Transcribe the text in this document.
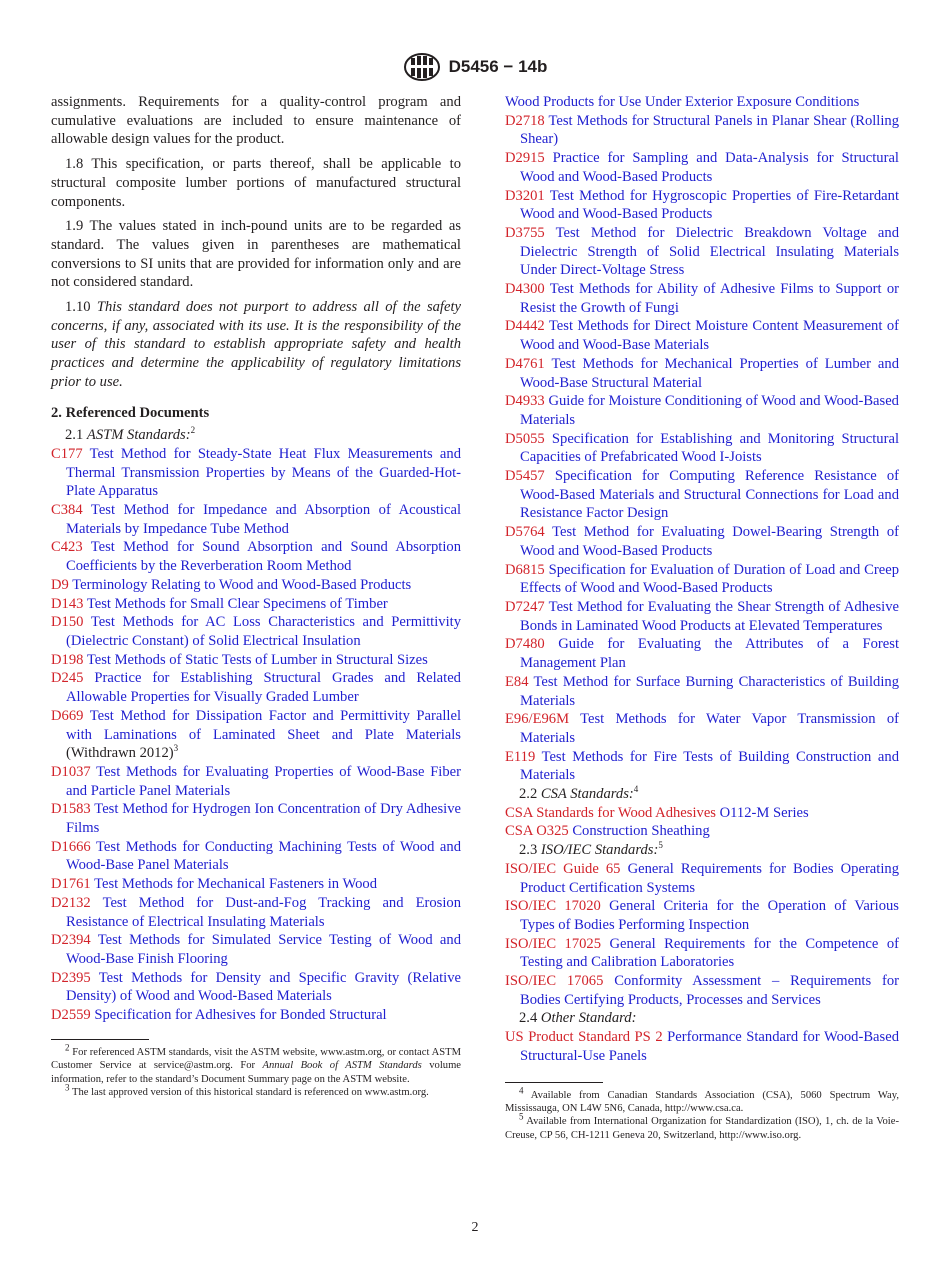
D5456 − 14b

assignments. Requirements for a quality-control program and cumulative evaluations are included to ensure maintenance of allowable design values for the product.

1.8 This specification, or parts thereof, shall be applicable to structural composite lumber portions of manufactured structural components.

1.9 The values stated in inch-pound units are to be regarded as standard. The values given in parentheses are mathematical conversions to SI units that are provided for information only and are not considered standard.

1.10 This standard does not purport to address all of the safety concerns, if any, associated with its use. It is the responsibility of the user of this standard to establish appropriate safety and health practices and determine the applicability of regulatory limitations prior to use.

2. Referenced Documents

2.1 ASTM Standards:$^2$

C177 Test Method for Steady-State Heat Flux Measurements and Thermal Transmission Properties by Means of the Guarded-Hot-Plate Apparatus

C384 Test Method for Impedance and Absorption of Acoustical Materials by Impedance Tube Method

C423 Test Method for Sound Absorption and Sound Absorption Coefficients by the Reverberation Room Method

D9 Terminology Relating to Wood and Wood-Based Products

D143 Test Methods for Small Clear Specimens of Timber

D150 Test Methods for AC Loss Characteristics and Permittivity (Dielectric Constant) of Solid Electrical Insulation

D198 Test Methods of Static Tests of Lumber in Structural Sizes

D245 Practice for Establishing Structural Grades and Related Allowable Properties for Visually Graded Lumber

D669 Test Method for Dissipation Factor and Permittivity Parallel with Laminations of Laminated Sheet and Plate Materials (Withdrawn 2012)$^3$

D1037 Test Methods for Evaluating Properties of Wood-Base Fiber and Particle Panel Materials

D1583 Test Method for Hydrogen Ion Concentration of Dry Adhesive Films

D1666 Test Methods for Conducting Machining Tests of Wood and Wood-Base Panel Materials

D1761 Test Methods for Mechanical Fasteners in Wood

D2132 Test Method for Dust-and-Fog Tracking and Erosion Resistance of Electrical Insulating Materials

D2394 Test Methods for Simulated Service Testing of Wood and Wood-Base Finish Flooring

D2395 Test Methods for Density and Specific Gravity (Relative Density) of Wood and Wood-Based Materials

D2559 Specification for Adhesives for Bonded Structural

$^2$ For referenced ASTM standards, visit the ASTM website, www.astm.org, or contact ASTM Customer Service at service@astm.org. For Annual Book of ASTM Standards volume information, refer to the standard’s Document Summary page on the ASTM website.

$^3$ The last approved version of this historical standard is referenced on www.astm.org.

Wood Products for Use Under Exterior Exposure Conditions

D2718 Test Methods for Structural Panels in Planar Shear (Rolling Shear)

D2915 Practice for Sampling and Data-Analysis for Structural Wood and Wood-Based Products

D3201 Test Method for Hygroscopic Properties of Fire-Retardant Wood and Wood-Based Products

D3755 Test Method for Dielectric Breakdown Voltage and Dielectric Strength of Solid Electrical Insulating Materials Under Direct-Voltage Stress

D4300 Test Methods for Ability of Adhesive Films to Support or Resist the Growth of Fungi

D4442 Test Methods for Direct Moisture Content Measurement of Wood and Wood-Base Materials

D4761 Test Methods for Mechanical Properties of Lumber and Wood-Base Structural Material

D4933 Guide for Moisture Conditioning of Wood and Wood-Based Materials

D5055 Specification for Establishing and Monitoring Structural Capacities of Prefabricated Wood I-Joists

D5457 Specification for Computing Reference Resistance of Wood-Based Materials and Structural Connections for Load and Resistance Factor Design

D5764 Test Method for Evaluating Dowel-Bearing Strength of Wood and Wood-Based Products

D6815 Specification for Evaluation of Duration of Load and Creep Effects of Wood and Wood-Based Products

D7247 Test Method for Evaluating the Shear Strength of Adhesive Bonds in Laminated Wood Products at Elevated Temperatures

D7480 Guide for Evaluating the Attributes of a Forest Management Plan

E84 Test Method for Surface Burning Characteristics of Building Materials

E96/E96M Test Methods for Water Vapor Transmission of Materials

E119 Test Methods for Fire Tests of Building Construction and Materials

2.2 CSA Standards:$^4$

CSA Standards for Wood Adhesives O112-M Series

CSA O325 Construction Sheathing

2.3 ISO/IEC Standards:$^5$

ISO/IEC Guide 65 General Requirements for Bodies Operating Product Certification Systems

ISO/IEC 17020 General Criteria for the Operation of Various Types of Bodies Performing Inspection

ISO/IEC 17025 General Requirements for the Competence of Testing and Calibration Laboratories

ISO/IEC 17065 Conformity Assessment – Requirements for Bodies Certifying Products, Processes and Services

2.4 Other Standard:

US Product Standard PS 2 Performance Standard for Wood-Based Structural-Use Panels

$^4$ Available from Canadian Standards Association (CSA), 5060 Spectrum Way, Mississauga, ON L4W 5N6, Canada, http://www.csa.ca.

$^5$ Available from International Organization for Standardization (ISO), 1, ch. de la Voie-Creuse, CP 56, CH-1211 Geneva 20, Switzerland, http://www.iso.org.

2
